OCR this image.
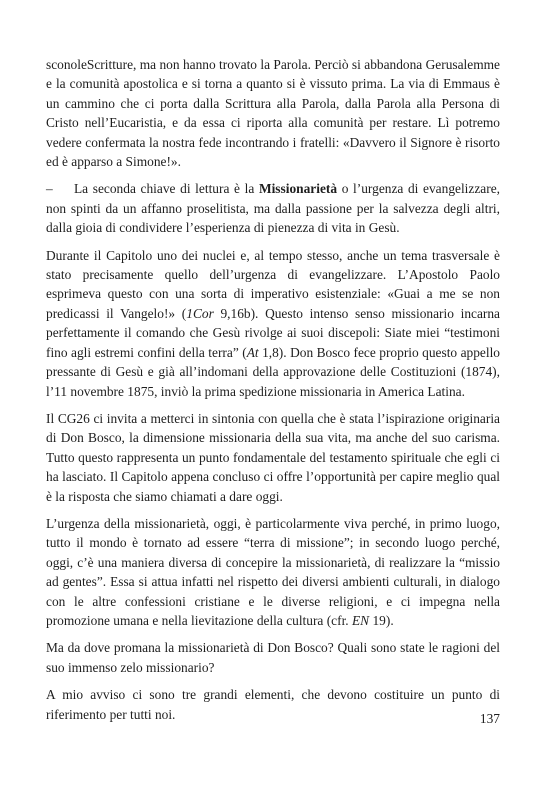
sconoleScritture, ma non hanno trovato la Parola. Perciò si abbandona Gerusalemme e la comunità apostolica e si torna a quanto si è vissuto prima. La via di Emmaus è un cammino che ci porta dalla Scrittura alla Parola, dalla Parola alla Persona di Cristo nell’Eucaristia, e da essa ci riporta alla comunità per restare. Lì potremo vedere confermata la nostra fede incontrando i fratelli: «Davvero il Signore è risorto ed è apparso a Simone!».

– La seconda chiave di lettura è la Missionarietà o l’urgenza di evangelizzare, non spinti da un affanno proselitista, ma dalla passione per la salvezza degli altri, dalla gioia di condividere l’esperienza di pienezza di vita in Gesù.

Durante il Capitolo uno dei nuclei e, al tempo stesso, anche un tema trasversale è stato precisamente quello dell’urgenza di evangelizzare. L’Apostolo Paolo esprimeva questo con una sorta di imperativo esistenziale: «Guai a me se non predicassi il Vangelo!» (1Cor 9,16b). Questo intenso senso missionario incarna perfettamente il comando che Gesù rivolge ai suoi discepoli: Siate miei “testimoni fino agli estremi confini della terra” (At 1,8). Don Bosco fece proprio questo appello pressante di Gesù e già all’indomani della approvazione delle Costituzioni (1874), l’11 novembre 1875, inviò la prima spedizione missionaria in America Latina.

Il CG26 ci invita a metterci in sintonia con quella che è stata l’ispirazione originaria di Don Bosco, la dimensione missionaria della sua vita, ma anche del suo carisma. Tutto questo rappresenta un punto fondamentale del testamento spirituale che egli ci ha lasciato. Il Capitolo appena concluso ci offre l’opportunità per capire meglio qual è la risposta che siamo chiamati a dare oggi.

L’urgenza della missionarietà, oggi, è particolarmente viva perché, in primo luogo, tutto il mondo è tornato ad essere “terra di missione”; in secondo luogo perché, oggi, c’è una maniera diversa di concepire la missionarietà, di realizzare la “missio ad gentes”. Essa si attua infatti nel rispetto dei diversi ambienti culturali, in dialogo con le altre confessioni cristiane e le diverse religioni, e ci impegna nella promozione umana e nella lievitazione della cultura (cfr. EN 19).

Ma da dove promana la missionarietà di Don Bosco? Quali sono state le ragioni del suo immenso zelo missionario?

A mio avviso ci sono tre grandi elementi, che devono costituire un punto di riferimento per tutti noi.	137
